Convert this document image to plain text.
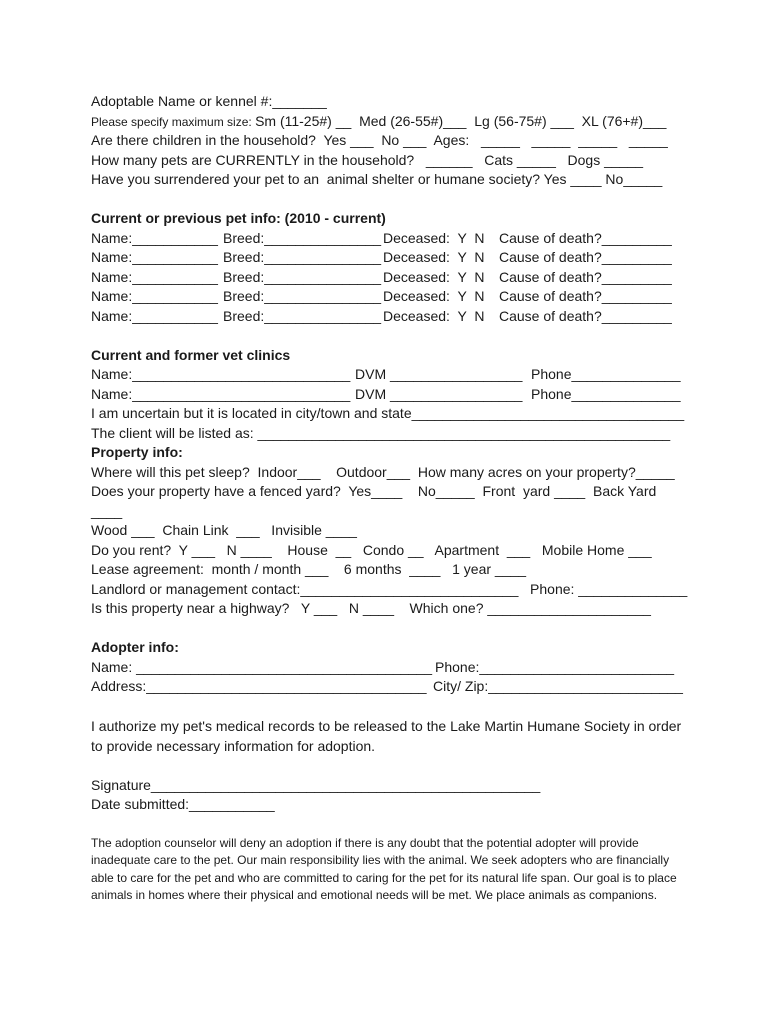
Adoptable Name or kennel #:_______
Please specify maximum size: Sm (11-25#) __  Med (26-55#)___  Lg (56-75#) ___  XL (76+#)___
Are there children in the household?  Yes ___  No ___  Ages:   _____   _____  _____   _____
How many pets are CURRENTLY in the household?   ______   Cats _____   Dogs _____
Have you surrendered your pet to an  animal shelter or humane society? Yes ____ No_____
Current or previous pet info: (2010 - current)

Name:___________

Breed:_______________

Deceased:  Y  N

Cause of death?_________

Name:___________

Breed:_______________

Deceased:  Y  N

Cause of death?_________

Name:___________

Breed:_______________

Deceased:  Y  N

Cause of death?_________

Name:___________

Breed:_______________

Deceased:  Y  N

Cause of death?_________

Name:___________

Breed:_______________

Deceased:  Y  N

Cause of death?_________

Current and former vet clinics

Name:____________________________

DVM _________________

Phone______________

Name:____________________________

DVM _________________

Phone______________

I am uncertain but it is located in city/town and state___________________________________
The client will be listed as: _____________________________________________________
Property info:
Where will this pet sleep?  Indoor___    Outdoor___  How many acres on your property?_____
Does your property have a fenced yard?  Yes____    No_____  Front  yard ____  Back Yard
____
Wood ___  Chain Link  ___   Invisible ____
Do you rent?  Y ___   N ____    House  __   Condo __   Apartment  ___   Mobile Home ___
Lease agreement:  month / month ___    6 months  ____   1 year ____
Landlord or management contact:____________________________   Phone: ______________
Is this property near a highway?   Y ___   N ____    Which one? _____________________
Adopter info:

Name: ______________________________________

Phone:_________________________

Address:____________________________________

City/ Zip:_________________________

I authorize my pet's medical records to be released to the Lake Martin Humane Society in order to provide necessary information for adoption.
Signature__________________________________________________
Date submitted:___________
The adoption counselor will deny an adoption if there is any doubt that the potential adopter will provide inadequate care to the pet. Our main responsibility lies with the animal. We seek adopters who are financially able to care for the pet and who are committed to caring for the pet for its natural life span. Our goal is to place animals in homes where their physical and emotional needs will be met. We place animals as companions.
